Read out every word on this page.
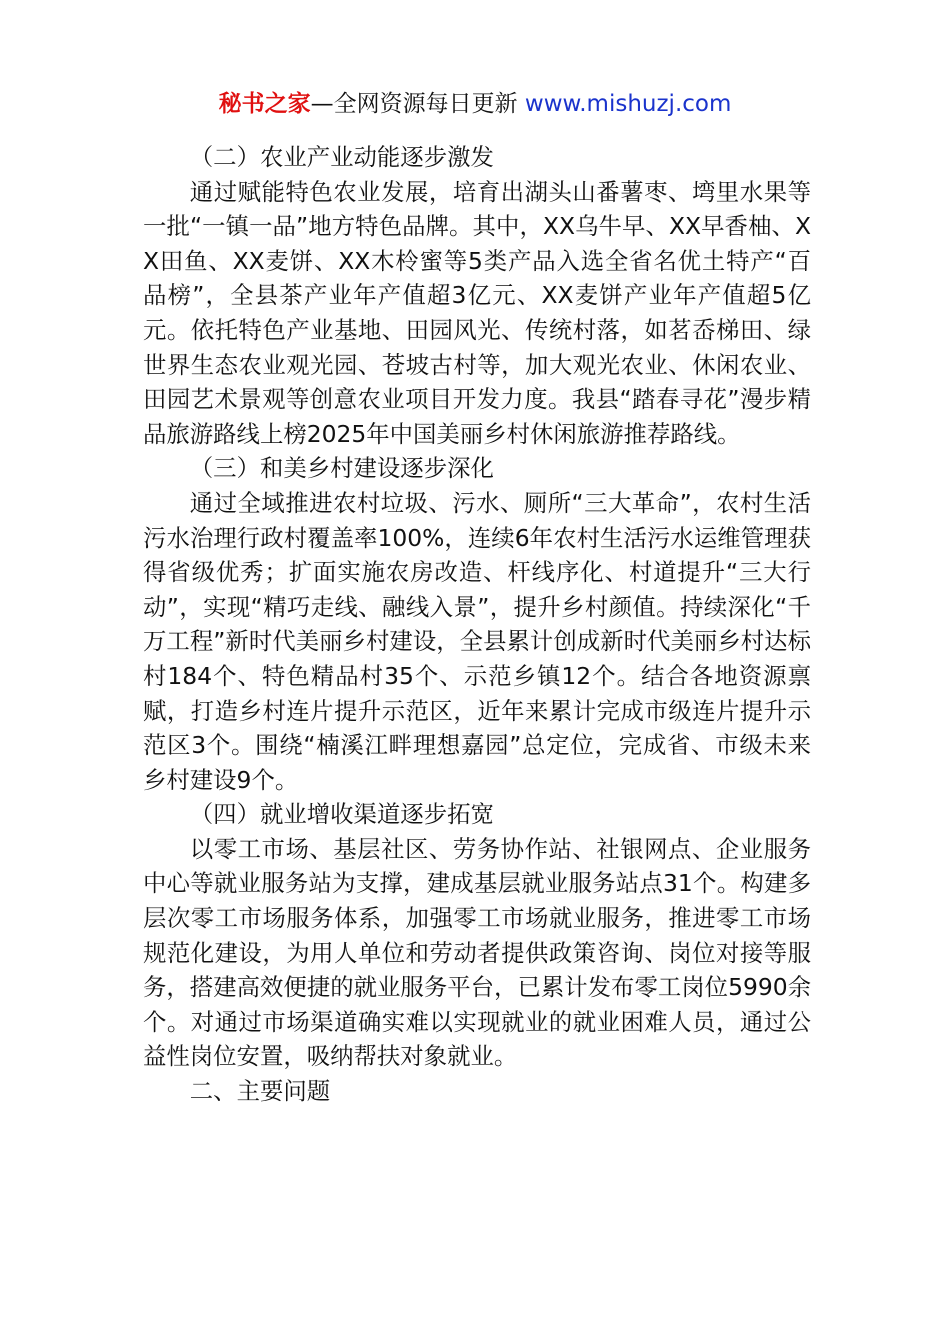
秘书之家—全网资源每日更新 www.mishuzj.com

（二）农业产业动能逐步激发

通过赋能特色农业发展，培育出湖头山番薯枣、塆里水果等一批“一镇一品”地方特色品牌。其中，XX乌牛早、XX早香柚、XX田鱼、XX麦饼、XX木柃蜜等5类产品入选全省名优土特产“百品榜”，全县茶产业年产值超3亿元、XX麦饼产业年产值超5亿元。依托特色产业基地、田园风光、传统村落，如茗岙梯田、绿世界生态农业观光园、苍坡古村等，加大观光农业、休闲农业、田园艺术景观等创意农业项目开发力度。我县“踏春寻花”漫步精品旅游路线上榜2025年中国美丽乡村休闲旅游推荐路线。

（三）和美乡村建设逐步深化

通过全域推进农村垃圾、污水、厕所“三大革命”，农村生活污水治理行政村覆盖率100%，连续6年农村生活污水运维管理获得省级优秀；扩面实施农房改造、杆线序化、村道提升“三大行动”，实现“精巧走线、融线入景”，提升乡村颜值。持续深化“千万工程”新时代美丽乡村建设，全县累计创成新时代美丽乡村达标村184个、特色精品村35个、示范乡镇12个。结合各地资源禀赋，打造乡村连片提升示范区，近年来累计完成市级连片提升示范区3个。围绕“楠溪江畔理想嘉园”总定位，完成省、市级未来乡村建设9个。

（四）就业增收渠道逐步拓宽

以零工市场、基层社区、劳务协作站、社银网点、企业服务中心等就业服务站为支撑，建成基层就业服务站点31个。构建多层次零工市场服务体系，加强零工市场就业服务，推进零工市场规范化建设，为用人单位和劳动者提供政策咨询、岗位对接等服务，搭建高效便捷的就业服务平台，已累计发布零工岗位5990余个。对通过市场渠道确实难以实现就业的就业困难人员，通过公益性岗位安置，吸纳帮扶对象就业。

二、主要问题
